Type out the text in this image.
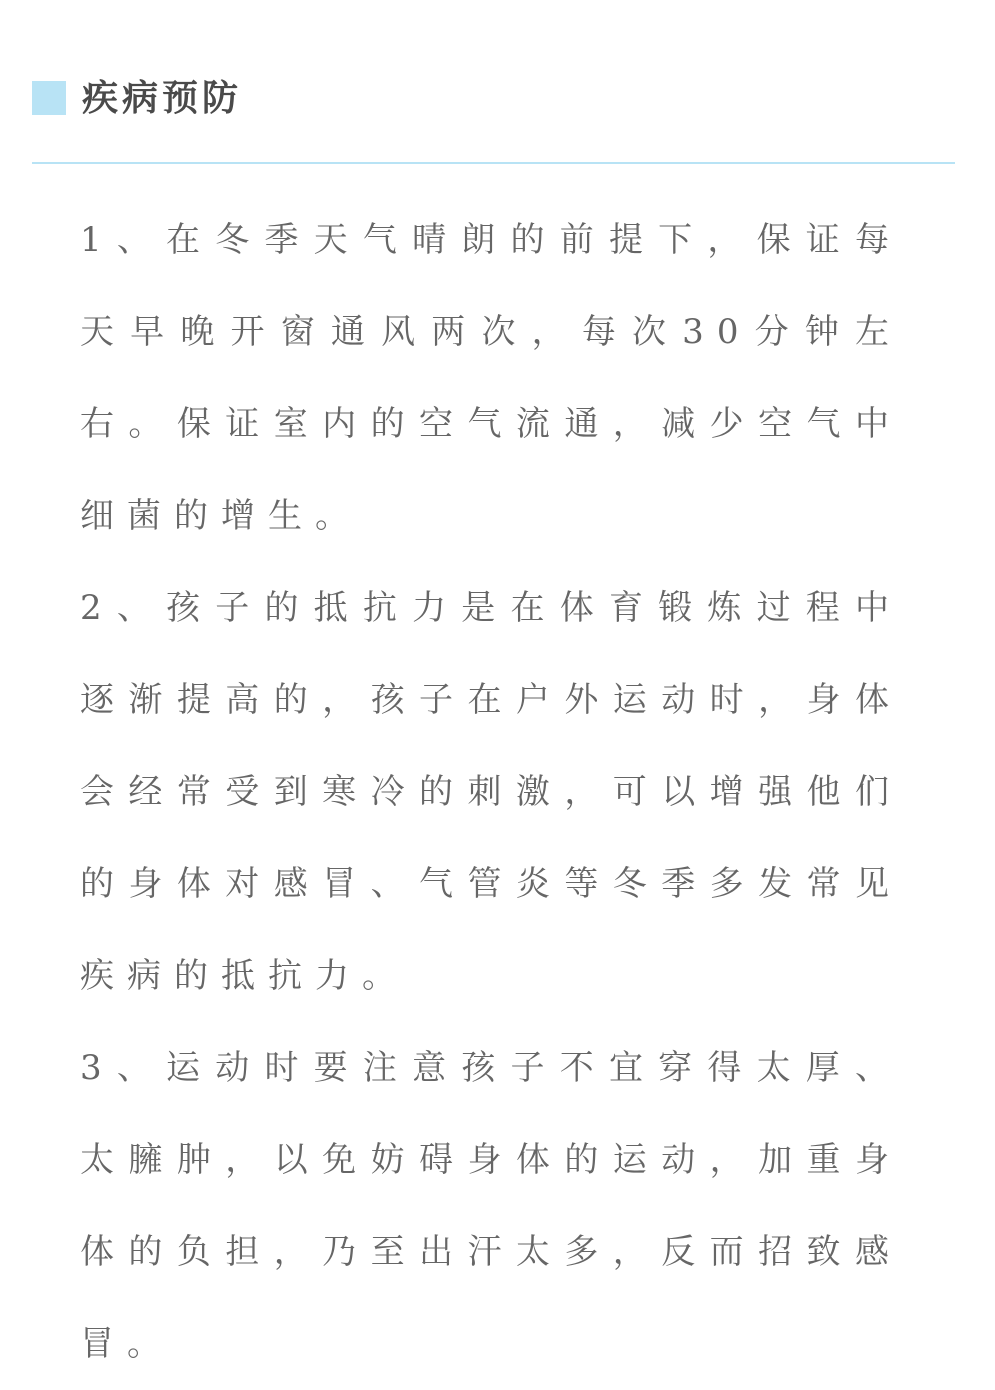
疾病预防

1、在冬季天气晴朗的前提下，保证每天早晚开窗通风两次，每次30分钟左右。保证室内的空气流通，减少空气中细菌的增生。

2、孩子的抵抗力是在体育锻炼过程中逐渐提高的，孩子在户外运动时，身体会经常受到寒冷的刺激，可以增强他们的身体对感冒、气管炎等冬季多发常见疾病的抵抗力。

3、运动时要注意孩子不宜穿得太厚、太臃肿，以免妨碍身体的运动，加重身体的负担，乃至出汗太多，反而招致感冒。
